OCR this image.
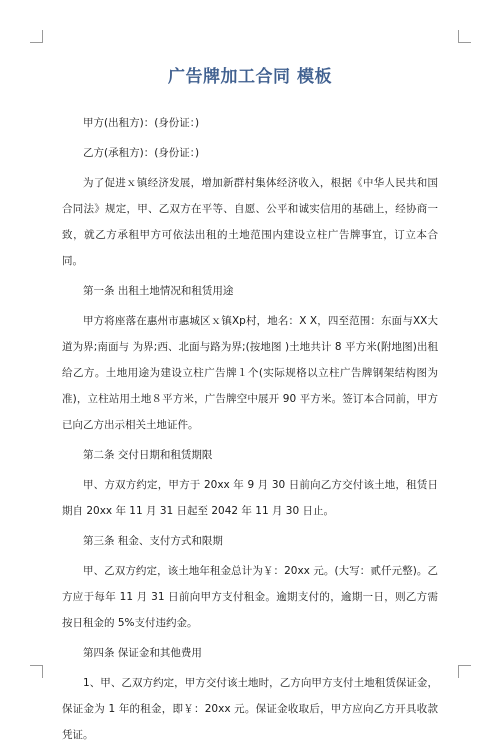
广告牌加工合同 模板

甲方(出租方)：(身份证：)

乙方(承租方)：(身份证：)

为了促进ｘ镇经济发展，增加新群村集体经济收入，根据《中华人民共和国合同法》规定，甲、乙双方在平等、自愿、公平和诚实信用的基础上，经协商一致，就乙方承租甲方可依法出租的土地范围内建设立柱广告牌事宜，订立本合同。

第一条 出租土地情况和租赁用途

甲方将座落在惠州市惠城区ｘ镇Xp村，地名：X X，四至范围：东面与XX大道为界;南面与 为界;西、北面与路为界;(按地图 )土地共计 8 平方米(附地图)出租给乙方。土地用途为建设立柱广告牌１个(实际规格以立柱广告牌钢架结构图为准)，立柱站用土地８平方米，广告牌空中展开 90 平方米。签订本合同前，甲方已向乙方出示相关土地证件。

第二条 交付日期和租赁期限

甲、方双方约定，甲方于 20xx 年 9 月 30 日前向乙方交付该土地，租赁日期自 20xx 年 11 月 31 日起至 2042 年 11 月 30 日止。

第三条 租金、支付方式和限期

甲、乙双方约定，该土地年租金总计为￥：20xx 元。(大写：贰仟元整)。乙方应于每年 11 月 31 日前向甲方支付租金。逾期支付的，逾期一日，则乙方需按日租金的 5%支付违约金。

第四条 保证金和其他费用

1、甲、乙双方约定，甲方交付该土地时，乙方向甲方支付土地租赁保证金，保证金为 1 年的租金，即￥：20xx 元。保证金收取后，甲方应向乙方开具收款凭证。
